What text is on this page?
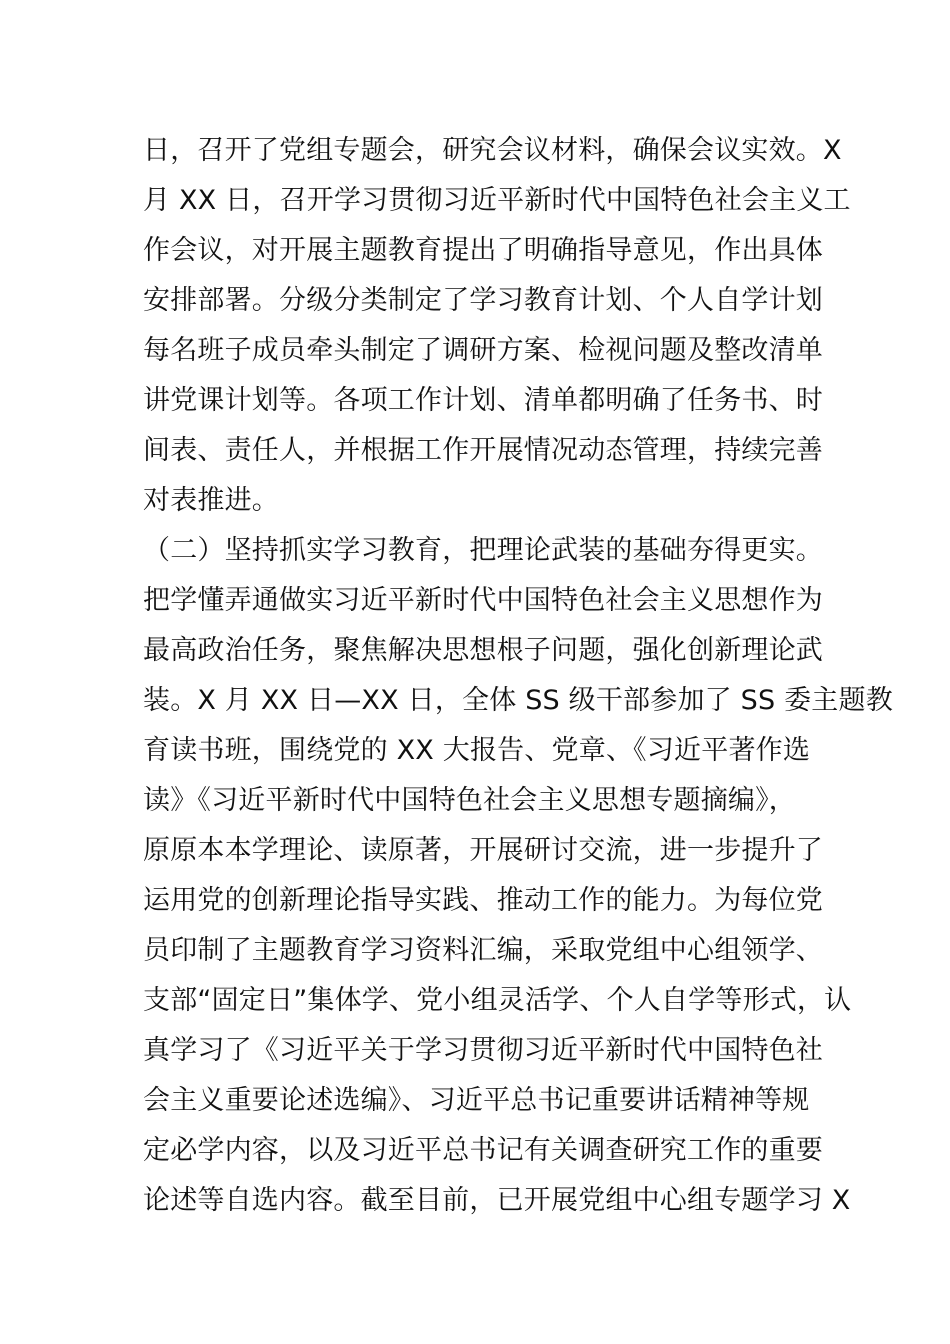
日，召开了党组专题会，研究会议材料，确保会议实效。X
月 XX 日，召开学习贯彻习近平新时代中国特色社会主义工
作会议，对开展主题教育提出了明确指导意见，作出具体
安排部署。分级分类制定了学习教育计划、个人自学计划
每名班子成员牵头制定了调研方案、检视问题及整改清单
讲党课计划等。各项工作计划、清单都明确了任务书、时
间表、责任人，并根据工作开展情况动态管理，持续完善
对表推进。
（二）坚持抓实学习教育，把理论武装的基础夯得更实。
把学懂弄通做实习近平新时代中国特色社会主义思想作为
最高政治任务，聚焦解决思想根子问题，强化创新理论武
装。X 月 XX 日—XX 日，全体 SS 级干部参加了 SS 委主题教
育读书班，围绕党的 XX 大报告、党章、《习近平著作选
读》《习近平新时代中国特色社会主义思想专题摘编》，
原原本本学理论、读原著，开展研讨交流，进一步提升了
运用党的创新理论指导实践、推动工作的能力。为每位党
员印制了主题教育学习资料汇编，采取党组中心组领学、
支部“固定日”集体学、党小组灵活学、个人自学等形式，认
真学习了《习近平关于学习贯彻习近平新时代中国特色社
会主义重要论述选编》、习近平总书记重要讲话精神等规
定必学内容，以及习近平总书记有关调查研究工作的重要
论述等自选内容。截至目前，已开展党组中心组专题学习 X
